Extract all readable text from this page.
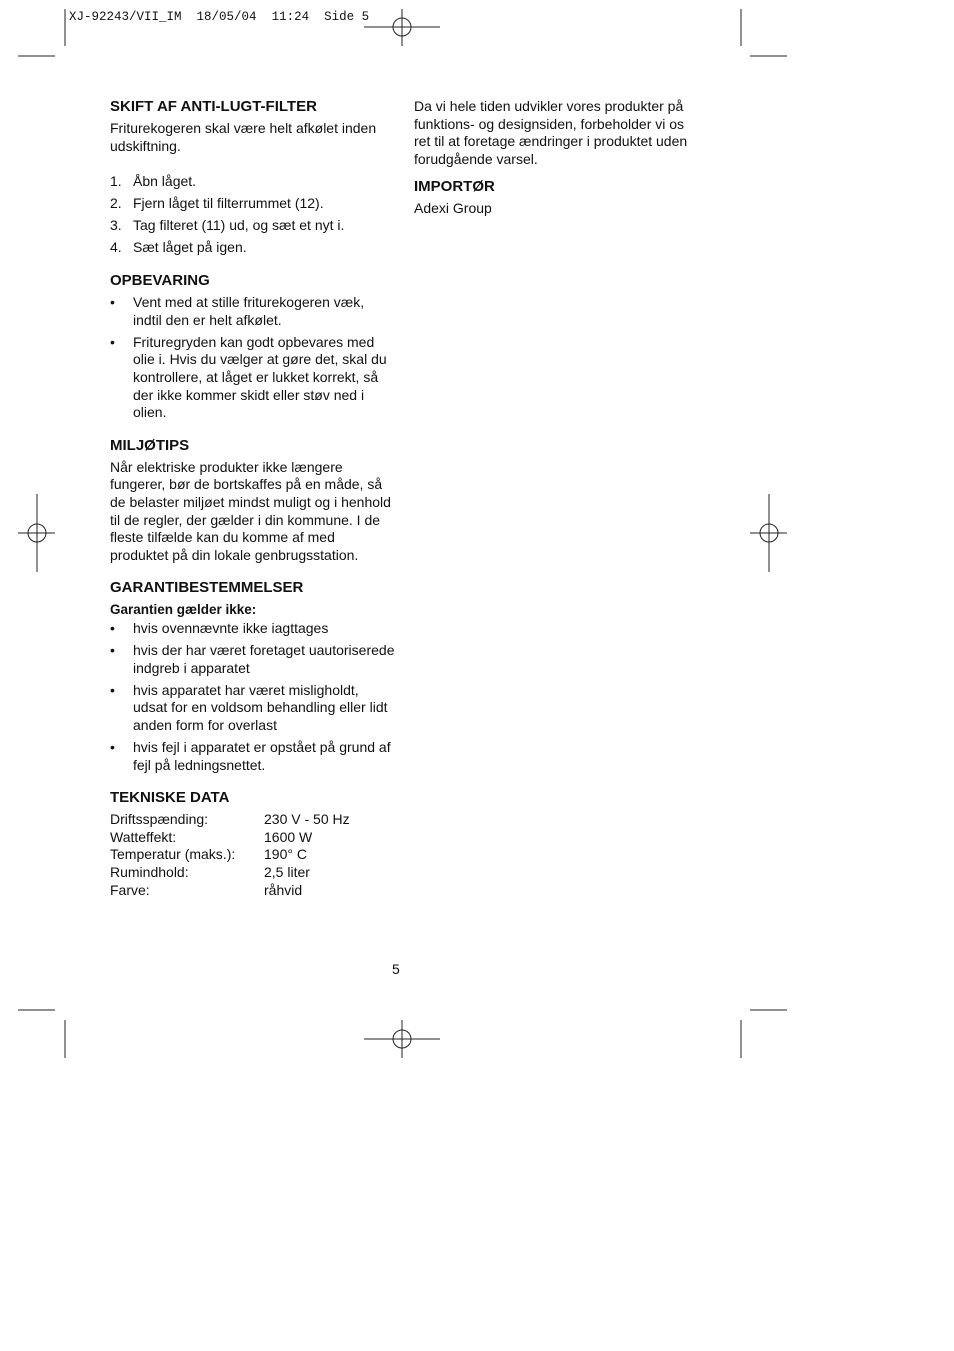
XJ-92243/VII_IM 18/05/04 11:24 Side 5
SKIFT AF ANTI-LUGT-FILTER

Friturekogeren skal være helt afkølet inden udskiftning.

1. Åbn låget.
2. Fjern låget til filterrummet (12).
3. Tag filteret (11) ud, og sæt et nyt i.
4. Sæt låget på igen.
OPBEVARING
• Vent med at stille friturekogeren væk, indtil den er helt afkølet.
• Frituregryden kan godt opbevares med olie i. Hvis du vælger at gøre det, skal du kontrollere, at låget er lukket korrekt, så der ikke kommer skidt eller støv ned i olien.
MILJØTIPS

Når elektriske produkter ikke længere fungerer, bør de bortskaffes på en måde, så de belaster miljøet mindst muligt og i henhold til de regler, der gælder i din kommune. I de fleste tilfælde kan du komme af med produktet på din lokale genbrugsstation.

GARANTIBESTEMMELSER

Garantien gælder ikke:

• hvis ovennævnte ikke iagttages
• hvis der har været foretaget uautoriserede indgreb i apparatet
• hvis apparatet har været misligholdt, udsat for en voldsom behandling eller lidt anden form for overlast
• hvis fejl i apparatet er opstået på grund af fejl på ledningsnettet.
TEKNISKE DATA
Driftsspænding:	230 V - 50 Hz
Watteffekt:	1600 W
Temperatur (maks.):	190° C
Rumindhold:	2,5 liter
Farve:	råhvid

Da vi hele tiden udvikler vores produkter på funktions- og designsiden, forbeholder vi os ret til at foretage ændringer i produktet uden forudgående varsel.

IMPORTØR

Adexi Group

5
